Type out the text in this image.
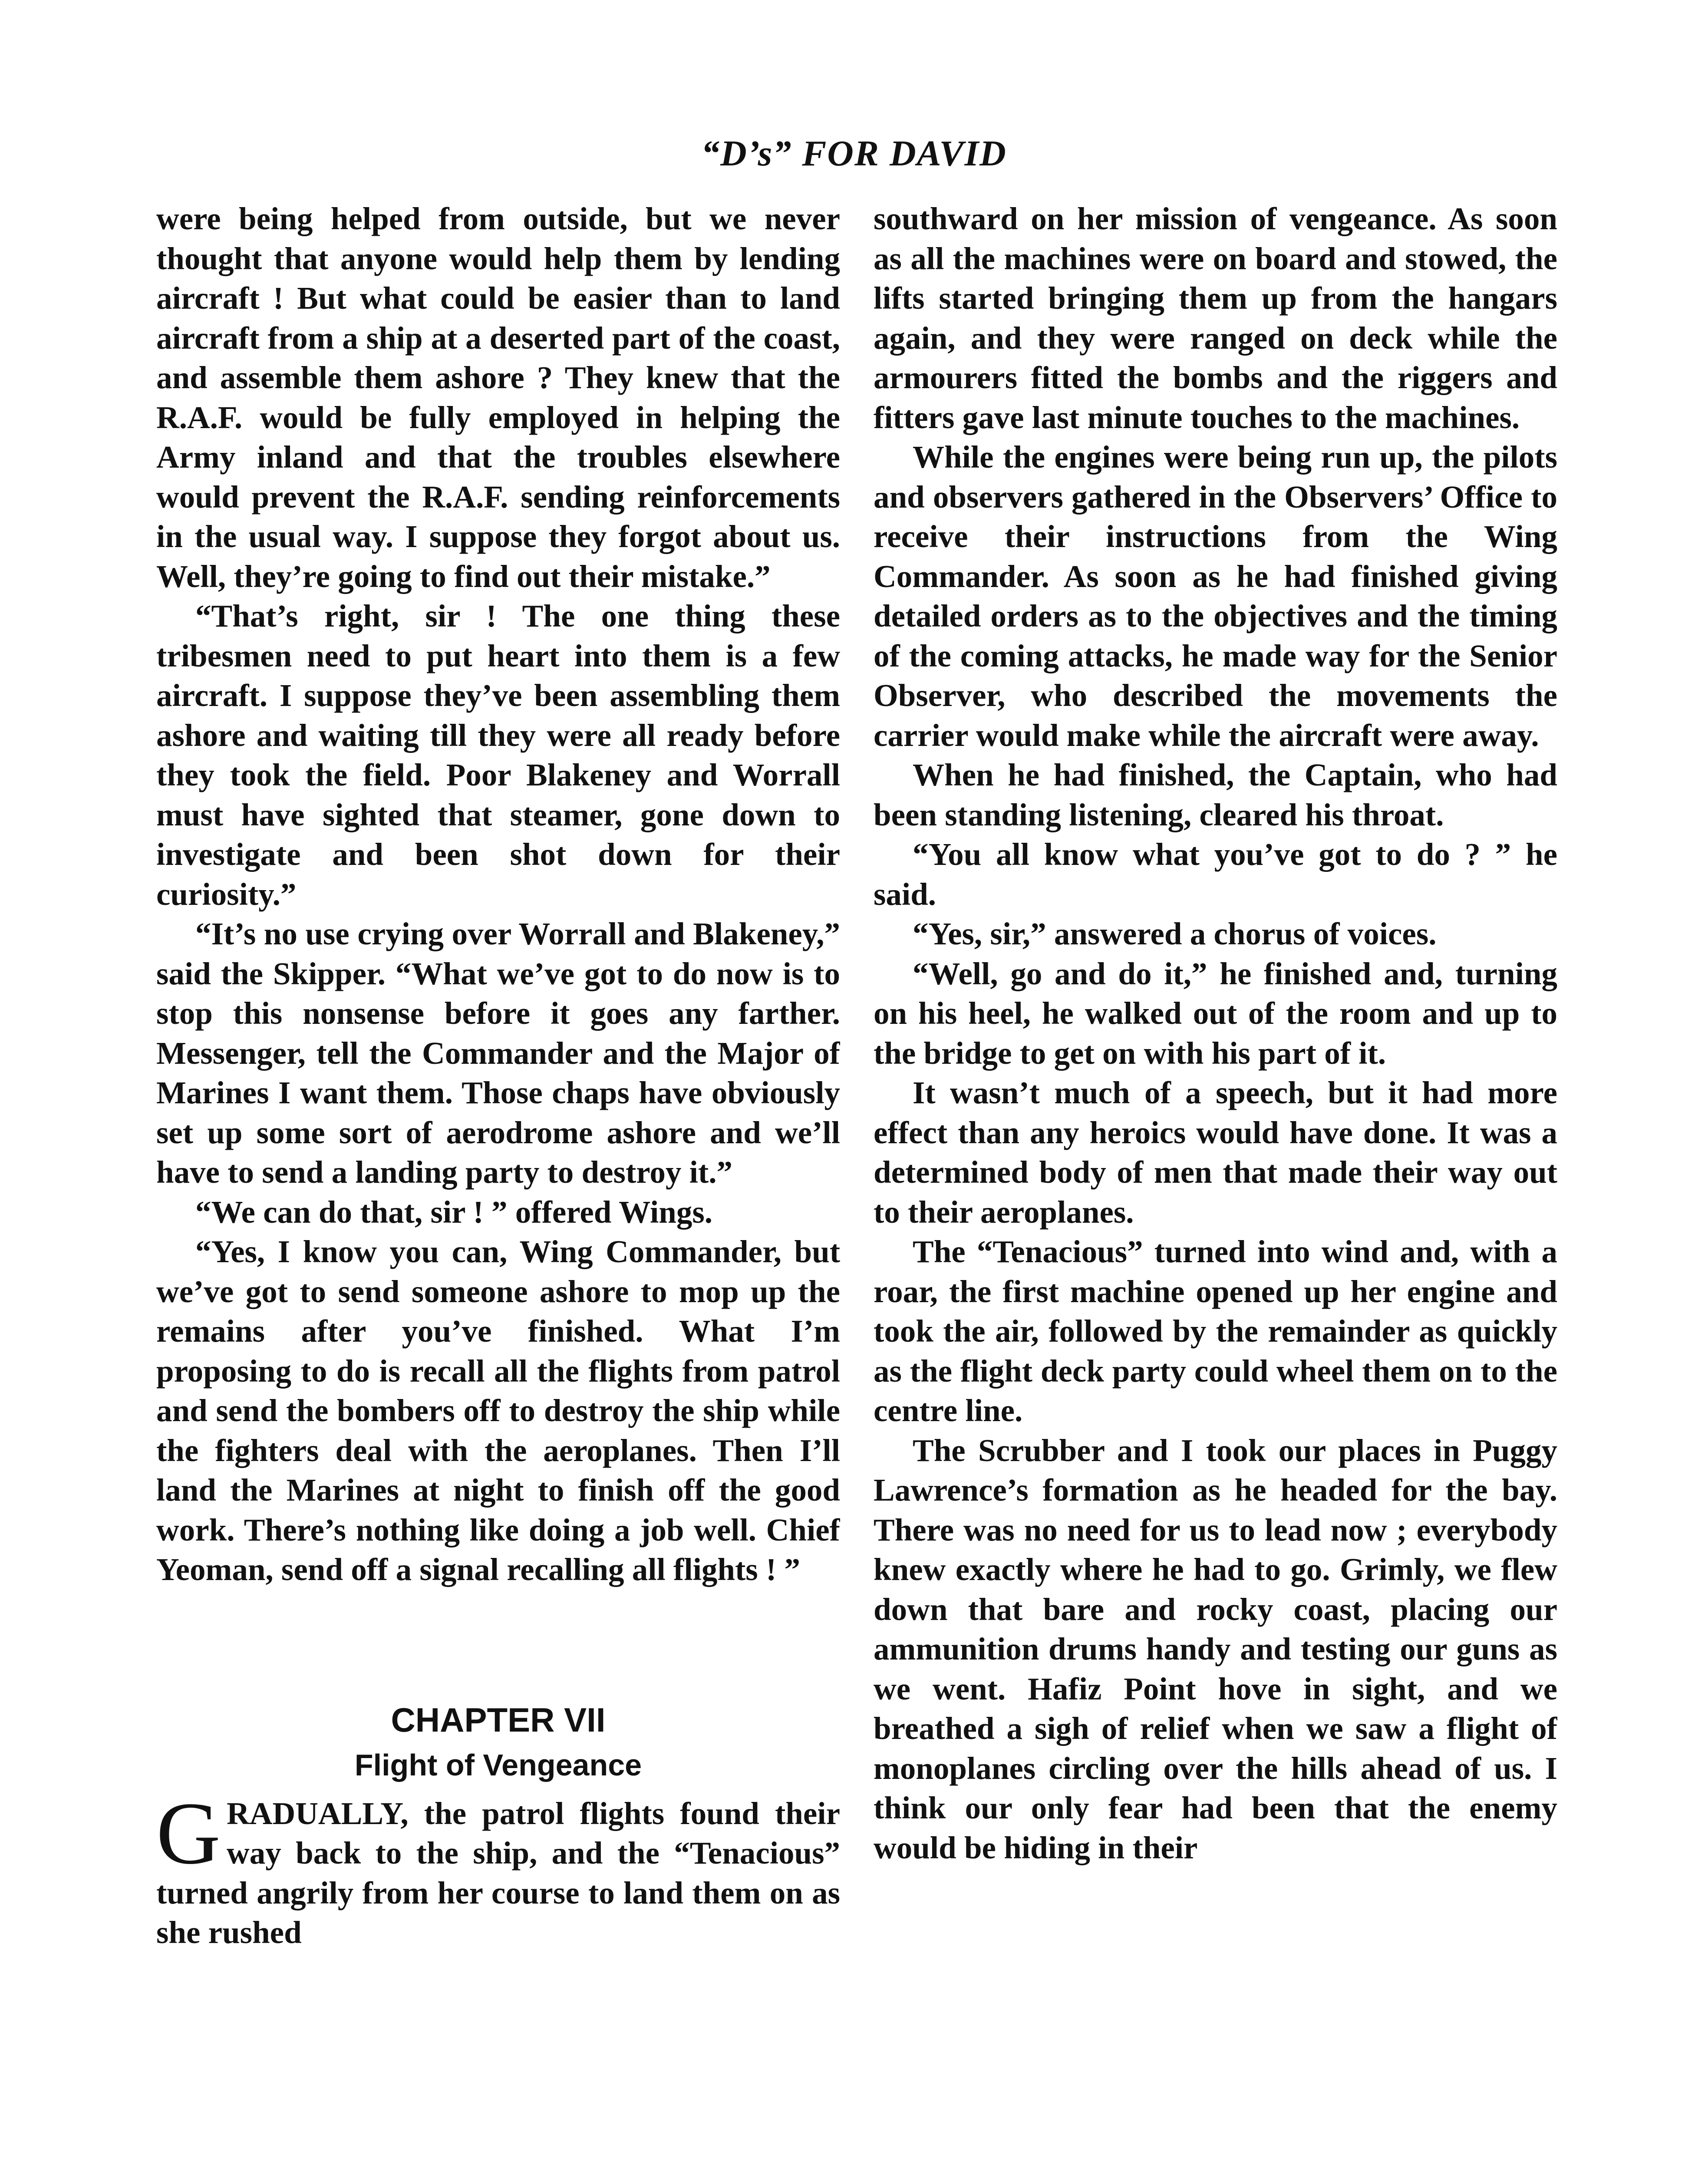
“D’s” FOR DAVID

were being helped from outside, but we never thought that anyone would help them by lending aircraft ! But what could be easier than to land aircraft from a ship at a deserted part of the coast, and assemble them ashore ? They knew that the R.A.F. would be fully employed in helping the Army inland and that the troubles elsewhere would prevent the R.A.F. sending reinforcements in the usual way. I suppose they forgot about us. Well, they’re going to find out their mistake.”

“That’s right, sir ! The one thing these tribesmen need to put heart into them is a few aircraft. I suppose they’ve been assembling them ashore and waiting till they were all ready before they took the field. Poor Blakeney and Worrall must have sighted that steamer, gone down to investigate and been shot down for their curiosity.”

“It’s no use crying over Worrall and Blakeney,” said the Skipper. “What we’ve got to do now is to stop this nonsense before it goes any farther. Messenger, tell the Commander and the Major of Marines I want them. Those chaps have obviously set up some sort of aerodrome ashore and we’ll have to send a landing party to destroy it.”

“We can do that, sir ! ” offered Wings.

“Yes, I know you can, Wing Commander, but we’ve got to send someone ashore to mop up the remains after you’ve finished. What I’m proposing to do is recall all the flights from patrol and send the bombers off to destroy the ship while the fighters deal with the aeroplanes. Then I’ll land the Marines at night to finish off the good work. There’s nothing like doing a job well. Chief Yeoman, send off a signal recalling all flights ! ”

CHAPTER VII
Flight of Vengeance

G RADUALLY, the patrol flights found their way back to the ship, and the “Tenacious” turned angrily from her course to land them on as she rushed

southward on her mission of vengeance. As soon as all the machines were on board and stowed, the lifts started bringing them up from the hangars again, and they were ranged on deck while the armourers fitted the bombs and the riggers and fitters gave last minute touches to the machines.

While the engines were being run up, the pilots and observers gathered in the Observers’ Office to receive their instructions from the Wing Commander. As soon as he had finished giving detailed orders as to the objectives and the timing of the coming attacks, he made way for the Senior Observer, who described the movements the carrier would make while the aircraft were away.

When he had finished, the Captain, who had been standing listening, cleared his throat.

“You all know what you’ve got to do ? ” he said.

“Yes, sir,” answered a chorus of voices.

“Well, go and do it,” he finished and, turning on his heel, he walked out of the room and up to the bridge to get on with his part of it.

It wasn’t much of a speech, but it had more effect than any heroics would have done. It was a determined body of men that made their way out to their aeroplanes.

The “Tenacious” turned into wind and, with a roar, the first machine opened up her engine and took the air, followed by the remainder as quickly as the flight deck party could wheel them on to the centre line.

The Scrubber and I took our places in Puggy Lawrence’s formation as he headed for the bay. There was no need for us to lead now ; everybody knew exactly where he had to go. Grimly, we flew down that bare and rocky coast, placing our ammunition drums handy and testing our guns as we went. Hafiz Point hove in sight, and we breathed a sigh of relief when we saw a flight of monoplanes circling over the hills ahead of us. I think our only fear had been that the enemy would be hiding in their
